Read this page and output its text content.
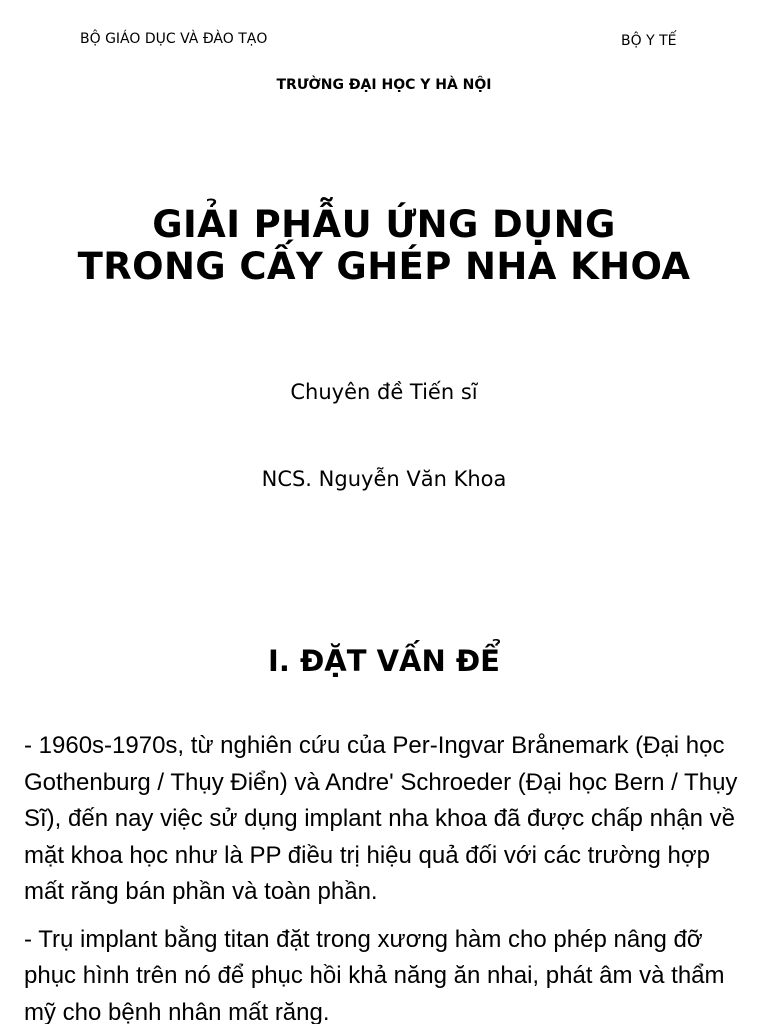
BỘ GIÁO DỤC VÀ ĐÀO TẠO	BỘ Y TẾ
TRƯỜNG ĐẠI HỌC Y HÀ NỘI
GIẢI PHẪU ỨNG DỤNG
TRONG CẤY GHÉP NHA KHOA
Chuyên đề Tiến sĩ
NCS. Nguyễn Văn Khoa
I. ĐẶT VẤN ĐỂ

- 1960s-1970s, từ nghiên cứu của Per-Ingvar Brånemark (Đại học Gothenburg / Thụy Điển) và Andre' Schroeder (Đại học Bern / Thụy Sĩ), đến nay việc sử dụng implant nha khoa đã được chấp nhận về mặt khoa học như là PP điều trị hiệu quả đối với các trường hợp mất răng bán phần và toàn phần.

- Trụ implant bằng titan đặt trong xương hàm cho phép nâng đỡ phục hình trên nó để phục hồi khả năng ăn nhai, phát âm và thẩm mỹ cho bệnh nhân mất răng.
